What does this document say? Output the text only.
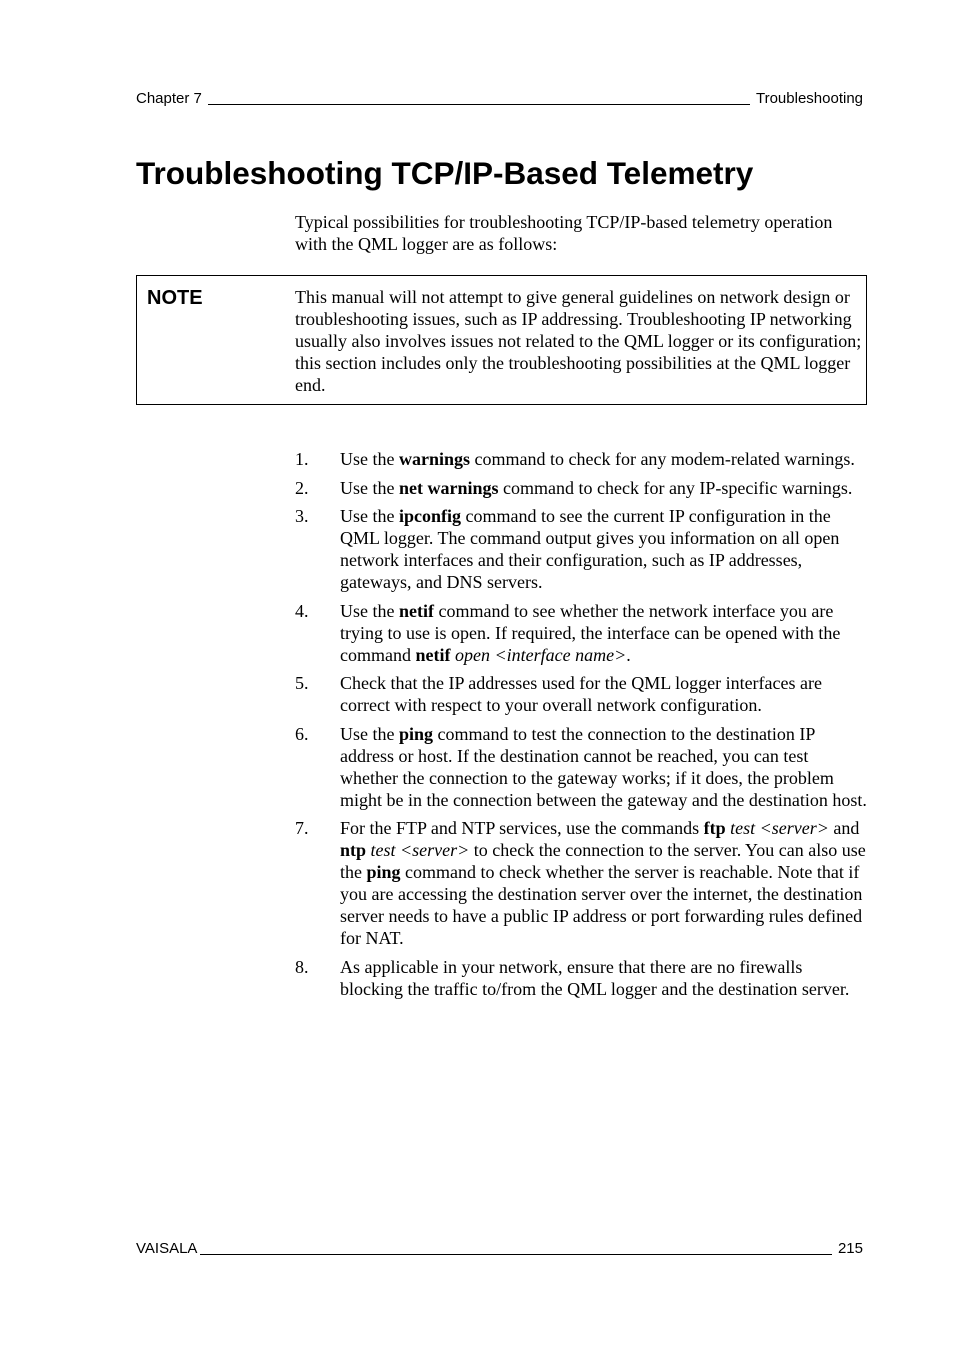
Chapter 7	Troubleshooting
Troubleshooting TCP/IP-Based Telemetry

Typical possibilities for troubleshooting TCP/IP-based telemetry operation with the QML logger are as follows:

NOTE	This manual will not attempt to give general guidelines on network design or troubleshooting issues, such as IP addressing. Troubleshooting IP networking usually also involves issues not related to the QML logger or its configuration; this section includes only the troubleshooting possibilities at the QML logger end.

1.	Use the warnings command to check for any modem-related warnings.
2.	Use the net warnings command to check for any IP-specific warnings.
3.	Use the ipconfig command to see the current IP configuration in the QML logger. The command output gives you information on all open network interfaces and their configuration, such as IP addresses, gateways, and DNS servers.
4.	Use the netif command to see whether the network interface you are trying to use is open. If required, the interface can be opened with the command netif open <interface name>.
5.	Check that the IP addresses used for the QML logger interfaces are correct with respect to your overall network configuration.
6.	Use the ping command to test the connection to the destination IP address or host. If the destination cannot be reached, you can test whether the connection to the gateway works; if it does, the problem might be in the connection between the gateway and the destination host.
7.	For the FTP and NTP services, use the commands ftp test <server> and ntp test <server> to check the connection to the server. You can also use the ping command to check whether the server is reachable. Note that if you are accessing the destination server over the internet, the destination server needs to have a public IP address or port forwarding rules defined for NAT.
8.	As applicable in your network, ensure that there are no firewalls blocking the traffic to/from the QML logger and the destination server.
VAISALA	215
